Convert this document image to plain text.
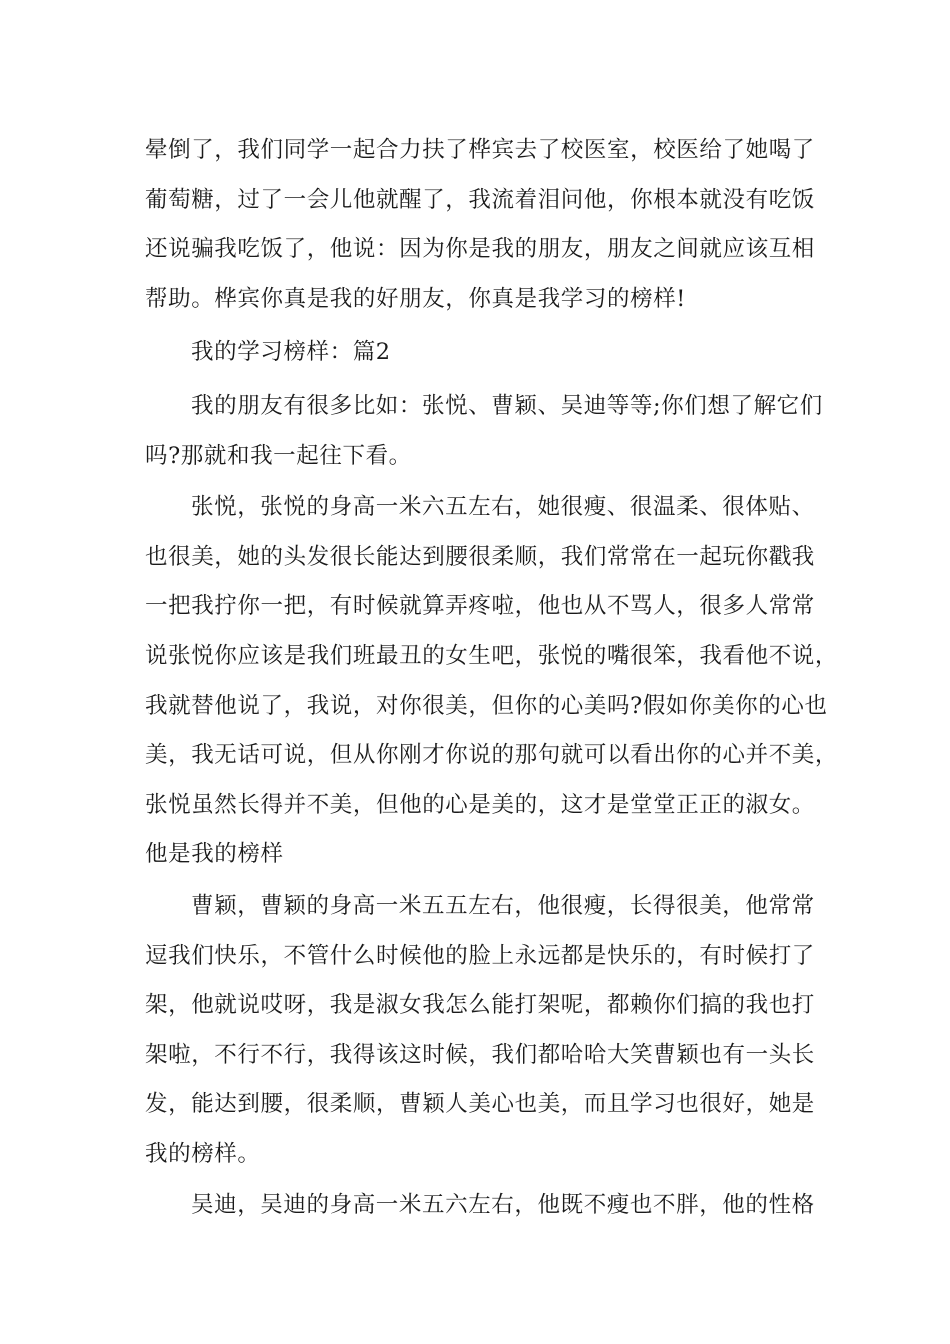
晕倒了，我们同学一起合力扶了桦宾去了校医室，校医给了她喝了
葡萄糖，过了一会儿他就醒了，我流着泪问他，你根本就没有吃饭
还说骗我吃饭了，他说：因为你是我的朋友，朋友之间就应该互相
帮助。桦宾你真是我的好朋友，你真是我学习的榜样!

我的学习榜样：篇2

我的朋友有很多比如：张悦、曹颖、吴迪等等;你们想了解它们
吗?那就和我一起往下看。

张悦，张悦的身高一米六五左右，她很瘦、很温柔、很体贴、
也很美，她的头发很长能达到腰很柔顺，我们常常在一起玩你戳我
一把我拧你一把，有时候就算弄疼啦，他也从不骂人，很多人常常
说张悦你应该是我们班最丑的女生吧，张悦的嘴很笨，我看他不说，
我就替他说了，我说，对你很美，但你的心美吗?假如你美你的心也
美，我无话可说，但从你刚才你说的那句就可以看出你的心并不美，
张悦虽然长得并不美，但他的心是美的，这才是堂堂正正的淑女。
他是我的榜样

曹颖，曹颖的身高一米五五左右，他很瘦，长得很美，他常常
逗我们快乐，不管什么时候他的脸上永远都是快乐的，有时候打了
架，他就说哎呀，我是淑女我怎么能打架呢，都赖你们搞的我也打
架啦，不行不行，我得该这时候，我们都哈哈大笑曹颖也有一头长
发，能达到腰，很柔顺，曹颖人美心也美，而且学习也很好，她是
我的榜样。

吴迪，吴迪的身高一米五六左右，他既不瘦也不胖，他的性格
